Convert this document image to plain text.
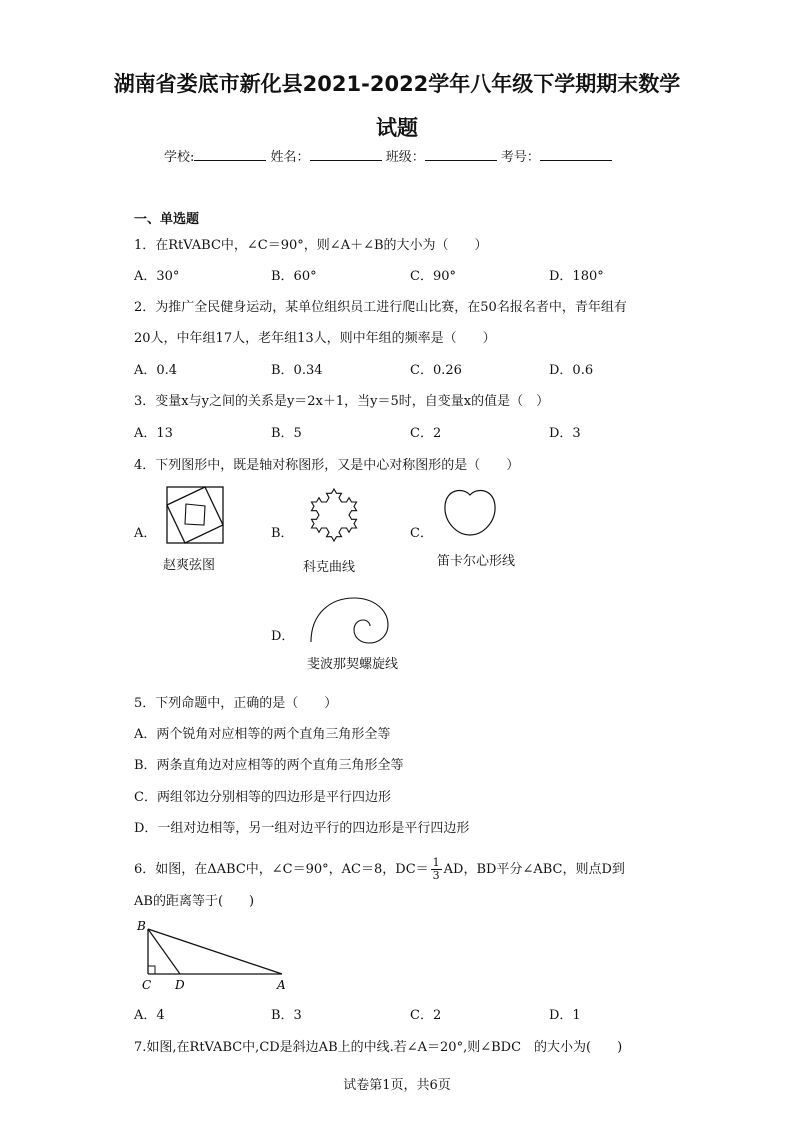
湖南省娄底市新化县2021-2022学年八年级下学期期末数学
试题
学校:	姓名：	班级：	考号：
一、单选题
1．在RtVABC中，∠C＝90°，则∠A＋∠B的大小为（　　）
A．30°	B．60°	C．90°	D．180°
2．为推广全民健身运动，某单位组织员工进行爬山比赛，在50名报名者中，青年组有
20人，中年组17人，老年组13人，则中年组的频率是（　　）
A．0.4	B．0.34	C．0.26	D．0.6
3．变量x与y之间的关系是y＝2x＋1，当y＝5时，自变量x的值是（　）
A．13	B．5	C．2	D．3
4．下列图形中，既是轴对称图形，又是中心对称图形的是（　　）
A．
赵爽弦图
B．
科克曲线
C．
笛卡尔心形线
D．
斐波那契螺旋线
5．下列命题中，正确的是（　　）
A．两个锐角对应相等的两个直角三角形全等
B．两条直角边对应相等的两个直角三角形全等
C．两组邻边分别相等的四边形是平行四边形
D．一组对边相等，另一组对边平行的四边形是平行四边形
6．如图，在ΔABC中，∠C＝90°，AC＝8，$DC= \frac{1}{3}$ AD，BD平分∠ABC，则点D到
AB的距离等于(　　)
B
C D	A
A．4	B．3	C．2	D．1
7.如图,在RtVABC中,CD是斜边AB上的中线.若∠A＝20°,则∠BDC　的大小为(　　)
试卷第1页，共6页
